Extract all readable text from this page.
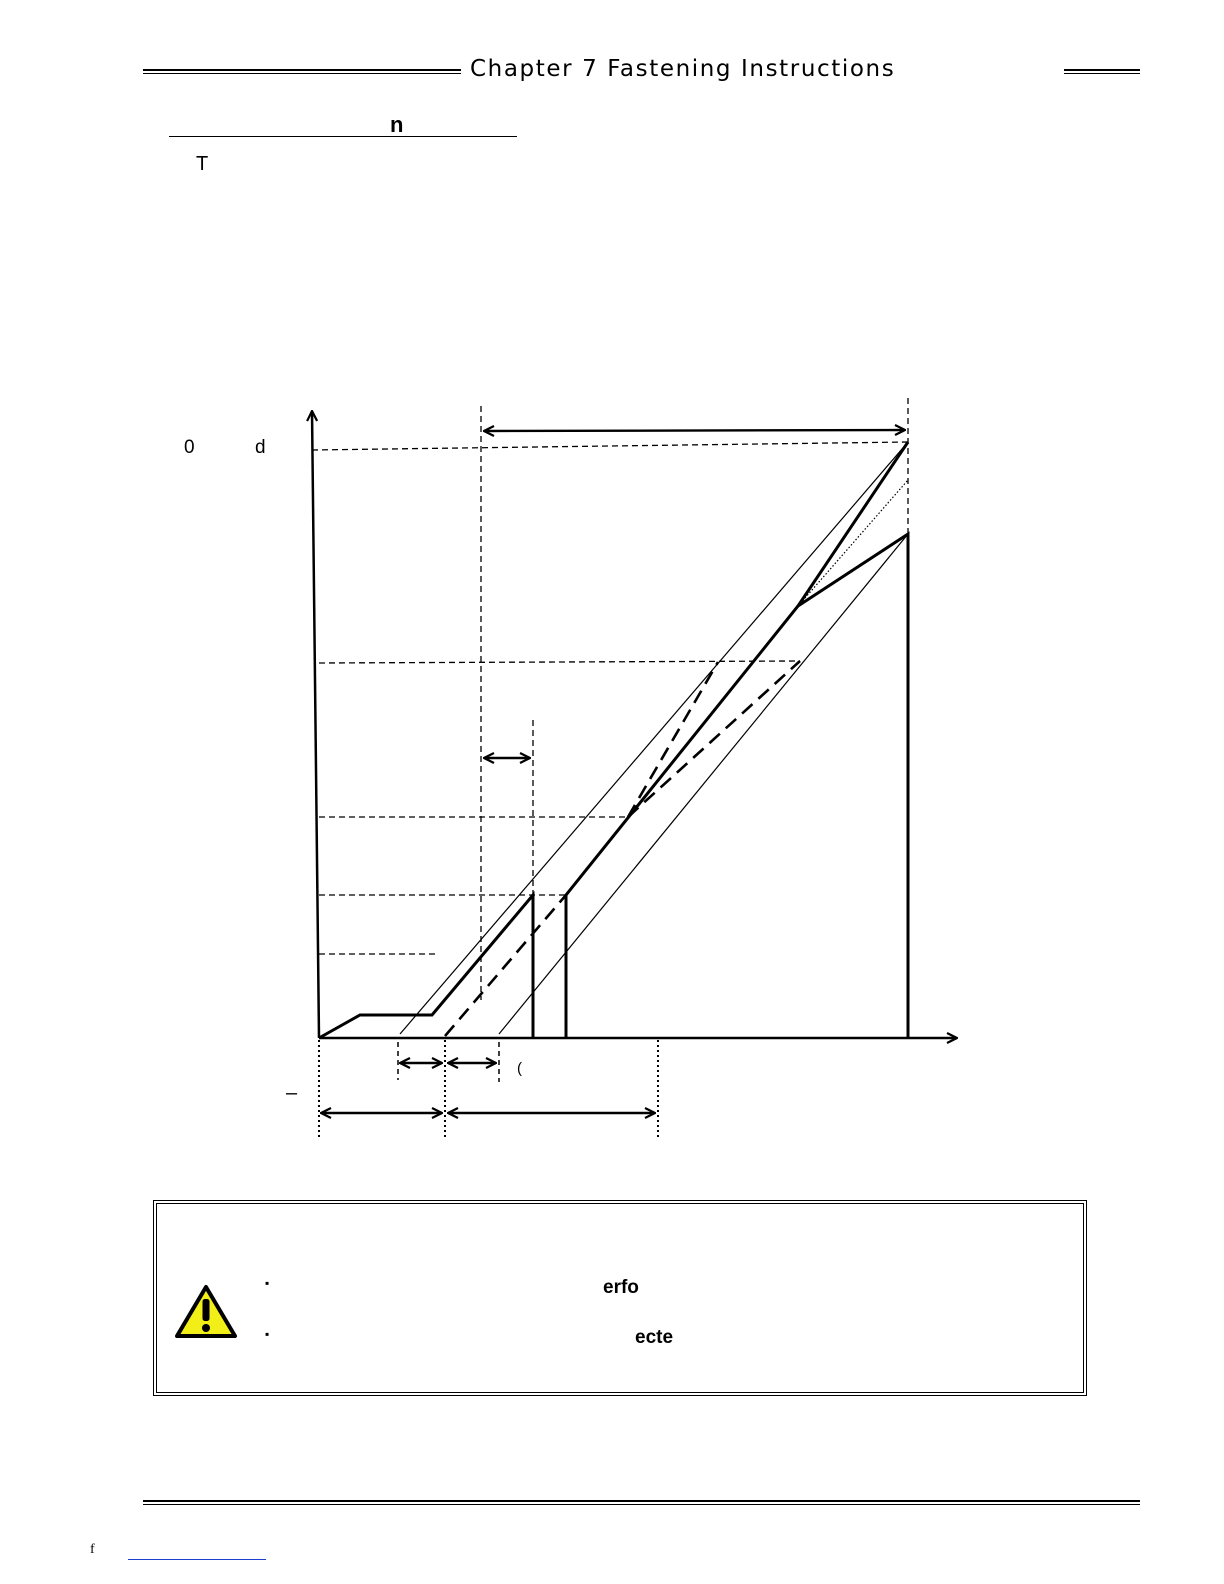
Chapter 7 Fastening Instructions
n
T
0	d
(
–
▪	erfo
▪	ecte
f
